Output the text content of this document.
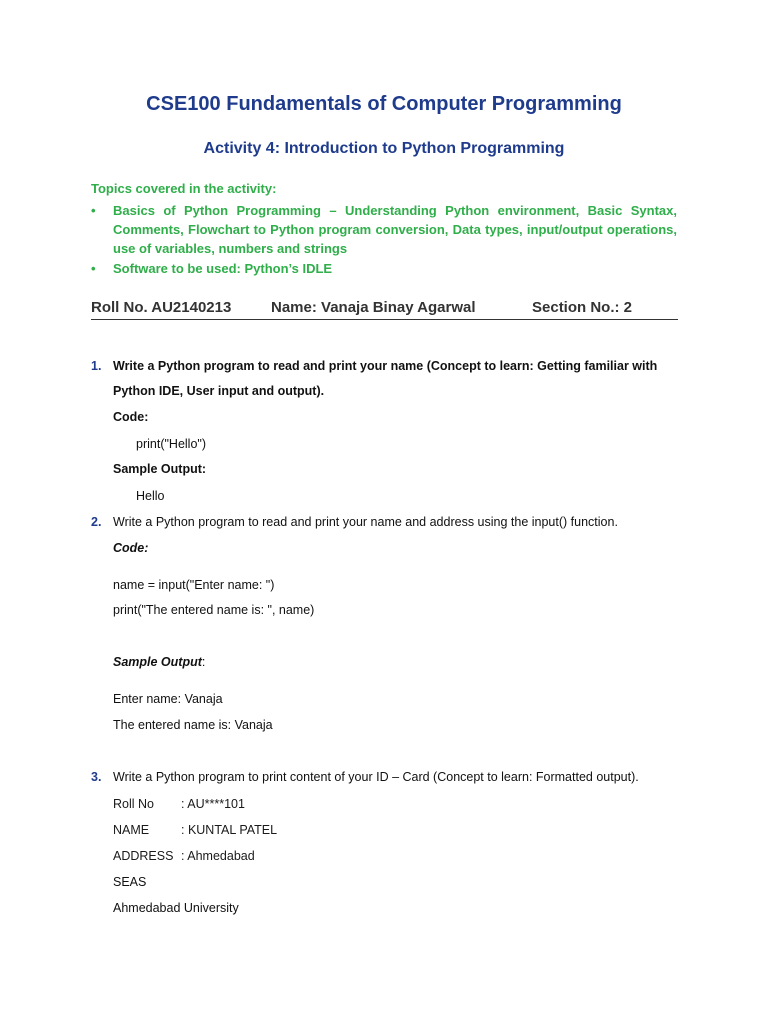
CSE100 Fundamentals of Computer Programming
Activity 4: Introduction to Python Programming
Topics covered in the activity:
• Basics of Python Programming – Understanding Python environment, Basic Syntax, Comments, Flowchart to Python program conversion, Data types, input/output operations, use of variables, numbers and strings
• Software to be used: Python’s IDLE
Roll No. AU2140213	Name: Vanaja Binay Agarwal	Section No.: 2
1. Write a Python program to read and print your name (Concept to learn: Getting familiar with
Python IDE, User input and output).
Code:
print("Hello")
Sample Output:
Hello
2. Write a Python program to read and print your name and address using the input() function.
Code:
name = input("Enter name: ")
print("The entered name is: ", name)
Sample Output:
Enter name: Vanaja
The entered name is: Vanaja
3. Write a Python program to print content of your ID – Card (Concept to learn: Formatted output).
Roll No : AU****101
NAME	: KUNTAL PATEL
ADDRESS : Ahmedabad
SEAS
Ahmedabad University
